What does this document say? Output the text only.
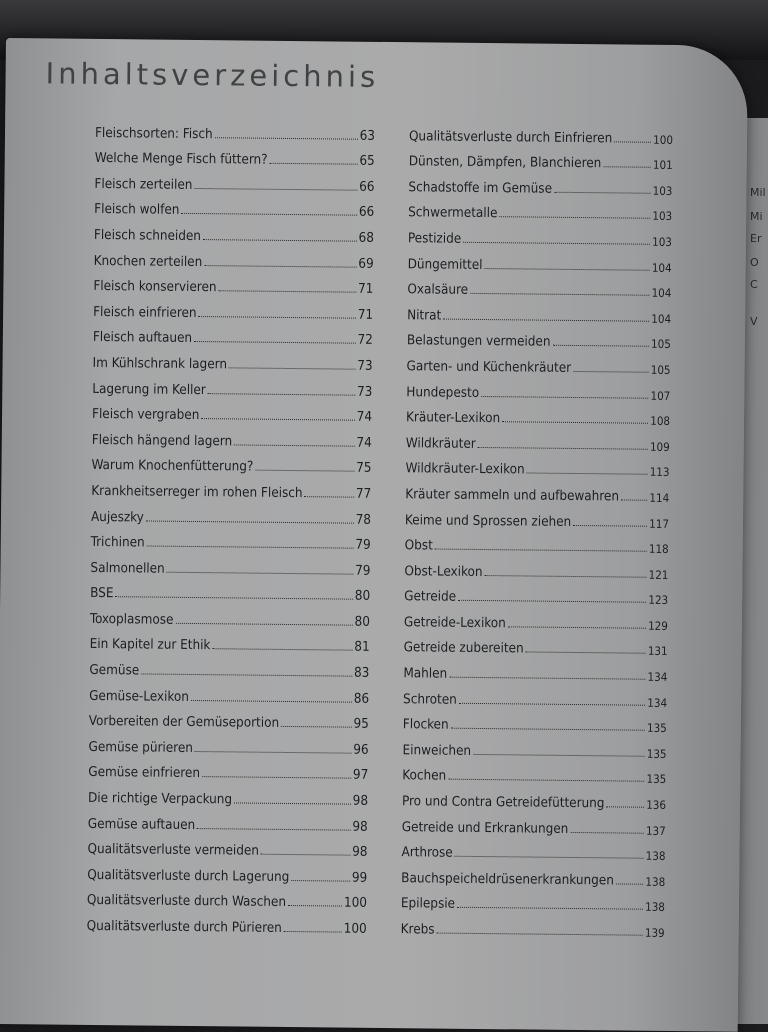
Mil
Mi
Er
O
C
V
Inhaltsverzeichnis
Fleischsorten: Fisch	63
Welche Menge Fisch füttern?	65
Fleisch zerteilen	66
Fleisch wolfen	66
Fleisch schneiden	68
Knochen zerteilen	69
Fleisch konservieren	71
Fleisch einfrieren	71
Fleisch auftauen	72
Im Kühlschrank lagern	73
Lagerung im Keller	73
Fleisch vergraben	74
Fleisch hängend lagern	74
Warum Knochenfütterung?	75
Krankheitserreger im rohen Fleisch	77
Aujeszky	78
Trichinen	79
Salmonellen	79
BSE	80
Toxoplasmose	80
Ein Kapitel zur Ethik	81
Gemüse	83
Gemüse-Lexikon	86
Vorbereiten der Gemüseportion	95
Gemüse pürieren	96
Gemüse einfrieren	97
Die richtige Verpackung	98
Gemüse auftauen	98
Qualitätsverluste vermeiden	98
Qualitätsverluste durch Lagerung	99
Qualitätsverluste durch Waschen	100
Qualitätsverluste durch Pürieren	100
Qualitätsverluste durch Einfrieren	100
Dünsten, Dämpfen, Blanchieren	101
Schadstoffe im Gemüse	103
Schwermetalle	103
Pestizide	103
Düngemittel	104
Oxalsäure	104
Nitrat	104
Belastungen vermeiden	105
Garten- und Küchenkräuter	105
Hundepesto	107
Kräuter-Lexikon	108
Wildkräuter	109
Wildkräuter-Lexikon	113
Kräuter sammeln und aufbewahren	114
Keime und Sprossen ziehen	117
Obst	118
Obst-Lexikon	121
Getreide	123
Getreide-Lexikon	129
Getreide zubereiten	131
Mahlen	134
Schroten	134
Flocken	135
Einweichen	135
Kochen	135
Pro und Contra Getreidefütterung	136
Getreide und Erkrankungen	137
Arthrose	138
Bauchspeicheldrüsenerkrankungen	138
Epilepsie	138
Krebs	139
